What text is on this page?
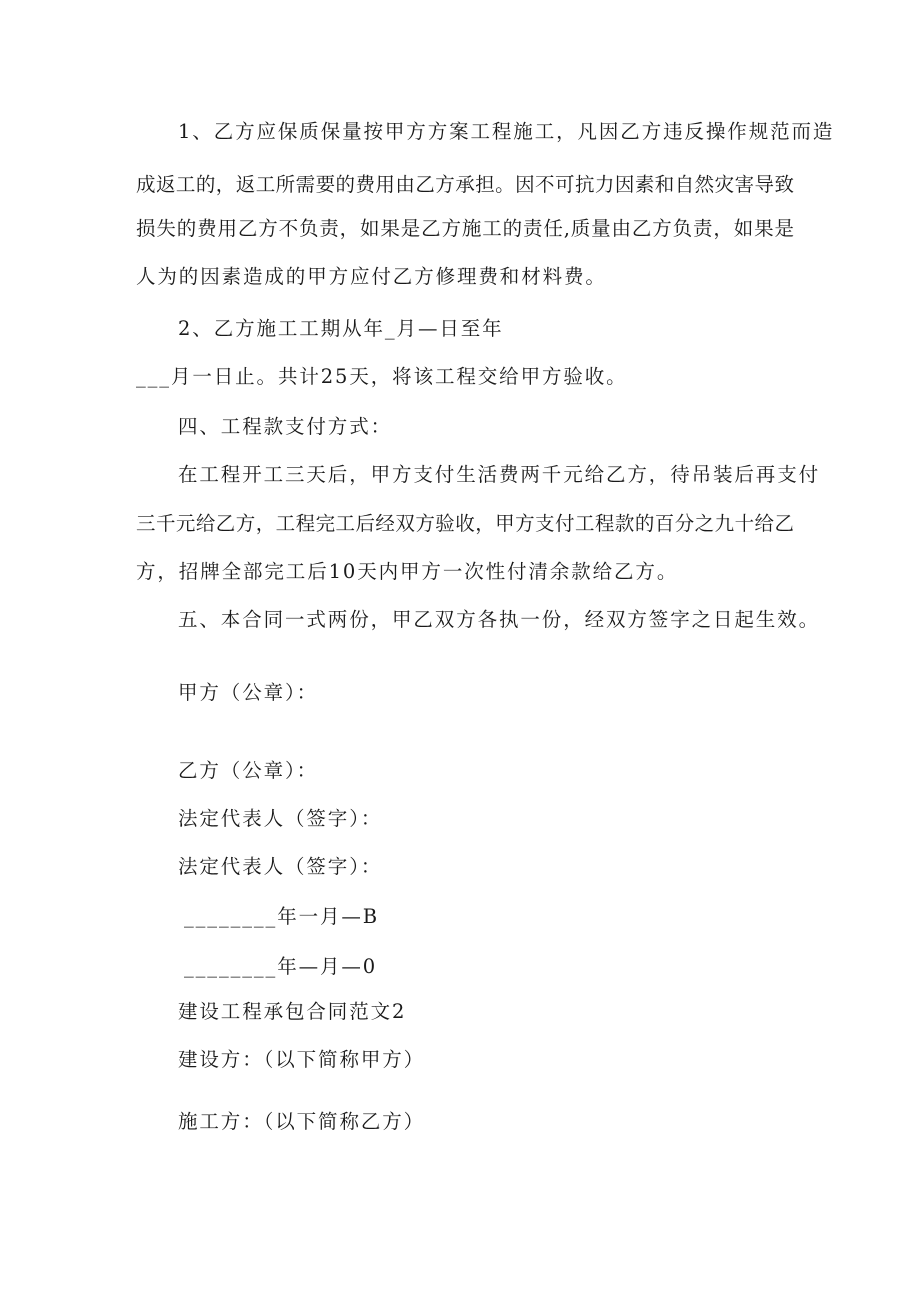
1、乙方应保质保量按甲方方案工程施工，凡因乙方违反操作规范而造
成返工的，返工所需要的费用由乙方承担。因不可抗力因素和自然灾害导致
损失的费用乙方不负责，如果是乙方施工的责任,质量由乙方负责，如果是
人为的因素造成的甲方应付乙方修理费和材料费。
2、乙方施工工期从年_月—日至年
___月一日止。共计25天，将该工程交给甲方验收。
四、工程款支付方式：
在工程开工三天后，甲方支付生活费两千元给乙方，待吊装后再支付
三千元给乙方，工程完工后经双方验收，甲方支付工程款的百分之九十给乙
方，招牌全部完工后10天内甲方一次性付清余款给乙方。
五、本合同一式两份，甲乙双方各执一份，经双方签字之日起生效。
甲方（公章）：
乙方（公章）：
法定代表人（签字）：
法定代表人（签字）：
________年一月—B
________年—月—0
建设工程承包合同范文2
建设方：（以下简称甲方）
施工方：（以下简称乙方）
